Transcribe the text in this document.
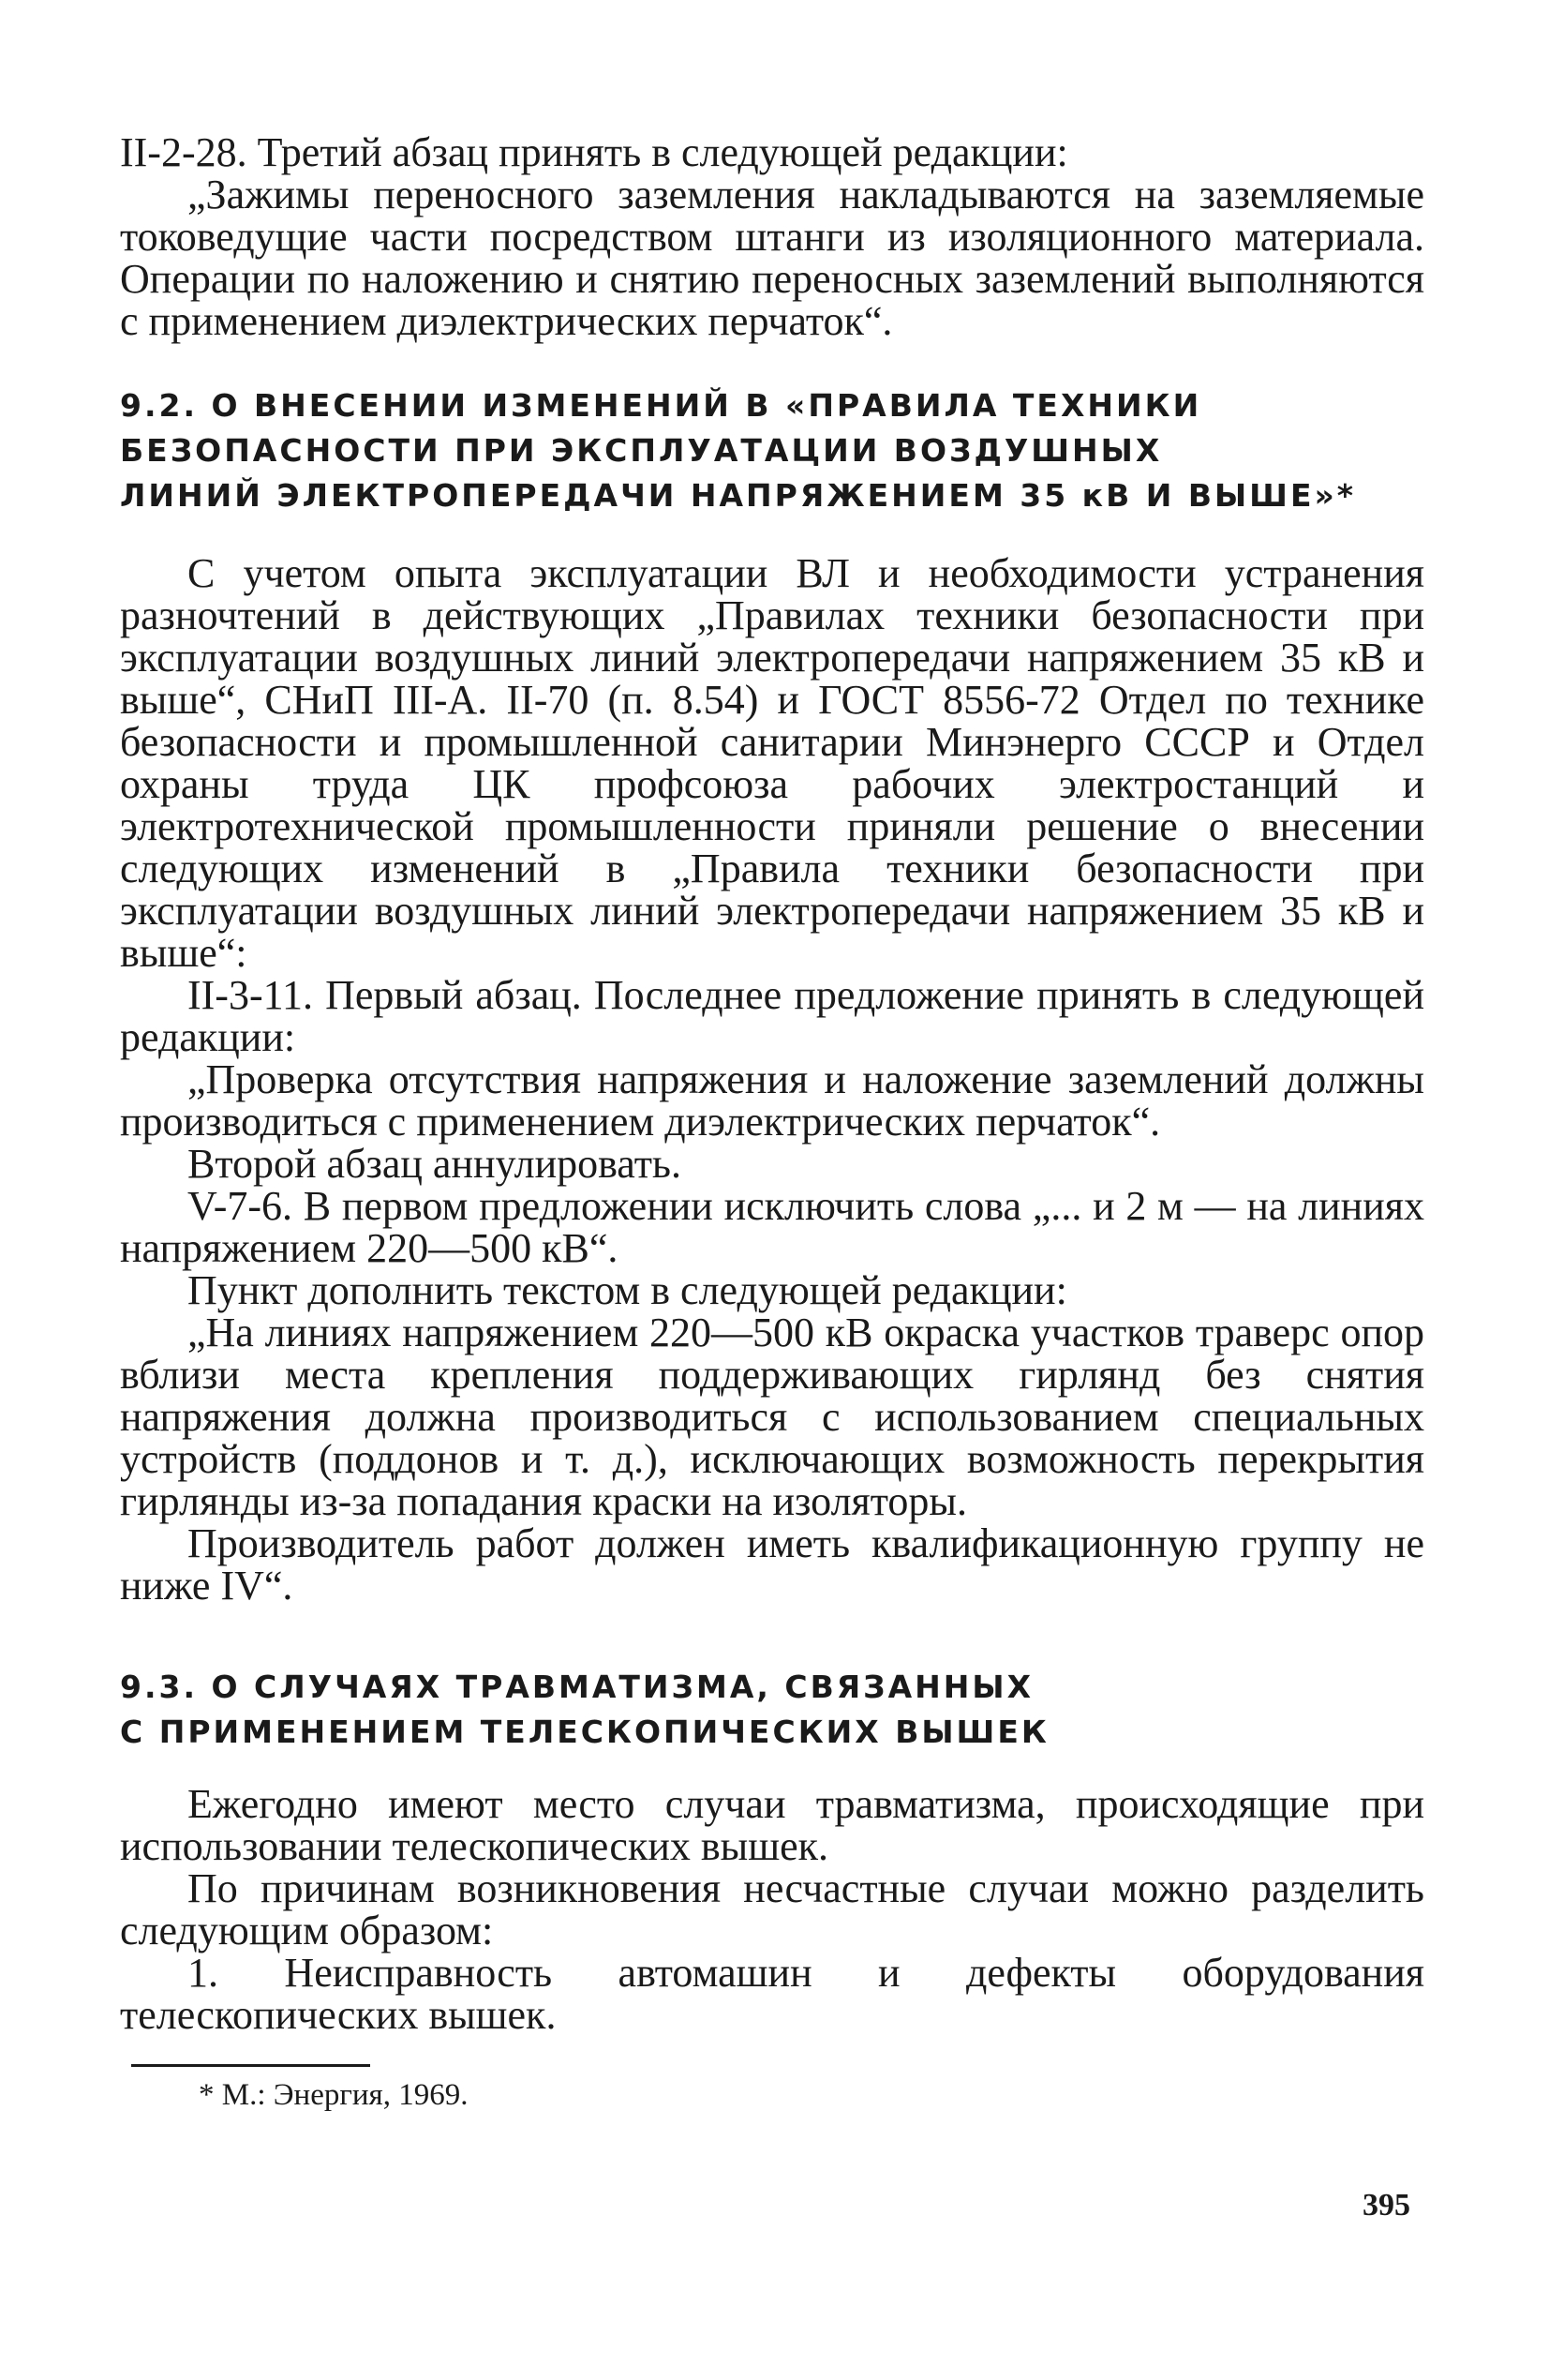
II-2-28. Третий абзац принять в следующей редакции:

„Зажимы переносного заземления накладываются на заземляемые токоведущие части посредством штанги из изоляционного материала. Операции по наложению и снятию переносных заземлений выполняются с применением диэлектрических перчаток“.

9.2. О ВНЕСЕНИИ ИЗМЕНЕНИЙ В «ПРАВИЛА ТЕХНИКИ
БЕЗОПАСНОСТИ ПРИ ЭКСПЛУАТАЦИИ ВОЗДУШНЫХ
ЛИНИЙ ЭЛЕКТРОПЕРЕДАЧИ НАПРЯЖЕНИЕМ 35 кВ И ВЫШЕ»*

С учетом опыта эксплуатации ВЛ и необходимости устранения разночтений в действующих „Правилах техники безопасности при эксплуатации воздушных линий электропередачи напряжением 35 кВ и выше“, СНиП III-А. II-70 (п. 8.54) и ГОСТ 8556-72 Отдел по технике безопасности и промышленной санитарии Минэнерго СССР и Отдел охраны труда ЦК профсоюза рабочих электростанций и электротехнической промышленности приняли решение о внесении следующих изменений в „Правила техники безопасности при эксплуатации воздушных линий электропередачи напряжением 35 кВ и выше“:

II-3-11. Первый абзац. Последнее предложение принять в следующей редакции:

„Проверка отсутствия напряжения и наложение заземлений должны производиться с применением диэлектрических перчаток“.

Второй абзац аннулировать.

V-7-6. В первом предложении исключить слова „... и 2 м — на линиях напряжением 220—500 кВ“.

Пункт дополнить текстом в следующей редакции:

„На линиях напряжением 220—500 кВ окраска участков траверс опор вблизи места крепления поддерживающих гирлянд без снятия напряжения должна производиться с использованием специальных устройств (поддонов и т. д.), исключающих возможность перекрытия гирлянды из-за попадания краски на изоляторы.

Производитель работ должен иметь квалификационную группу не ниже IV“.

9.3. О СЛУЧАЯХ ТРАВМАТИЗМА, СВЯЗАННЫХ
С ПРИМЕНЕНИЕМ ТЕЛЕСКОПИЧЕСКИХ ВЫШЕК

Ежегодно имеют место случаи травматизма, происходящие при использовании телескопических вышек.

По причинам возникновения несчастные случаи можно разделить следующим образом:

1. Неисправность автомашин и дефекты оборудования телескопических вышек.

* М.: Энергия, 1969.

395
